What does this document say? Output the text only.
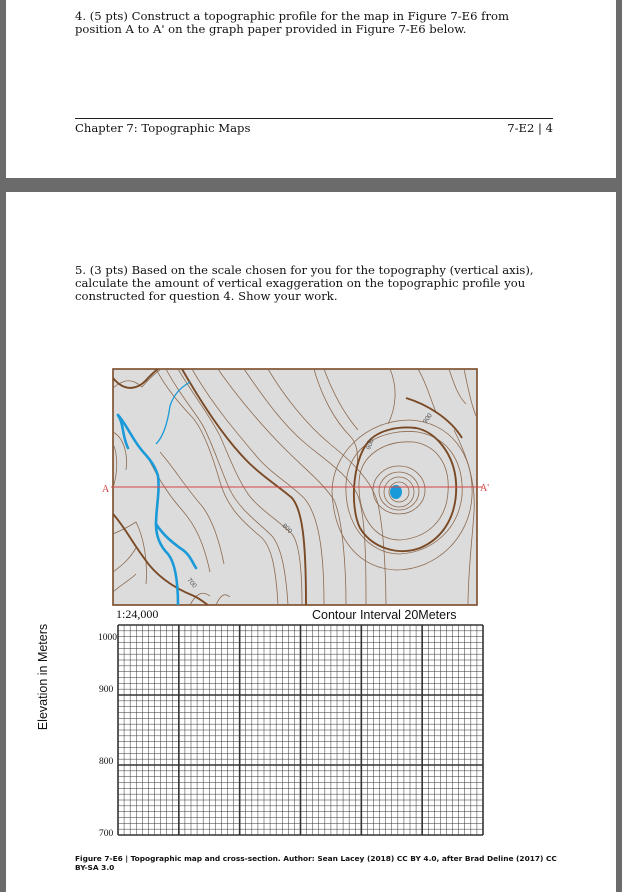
4. (5 pts) Construct a topographic profile for the map in Figure 7-E6 from position A to A' on the graph paper provided in Figure 7-E6 below.
Chapter 7: Topographic Maps	7-E2 | 4
5. (3 pts) Based on the scale chosen for you for the topography (vertical axis), calculate the amount of vertical exaggeration on the topographic profile you constructed for question 4. Show your work.
900
900
800
700
A	A'
1:24,000	Contour Interval 20Meters
1000
900
800
700
Elevation in Meters
Figure 7-E6 | Topographic map and cross-section. Author: Sean Lacey (2018) CC BY 4.0, after Brad Deline (2017) CC BY-SA 3.0
